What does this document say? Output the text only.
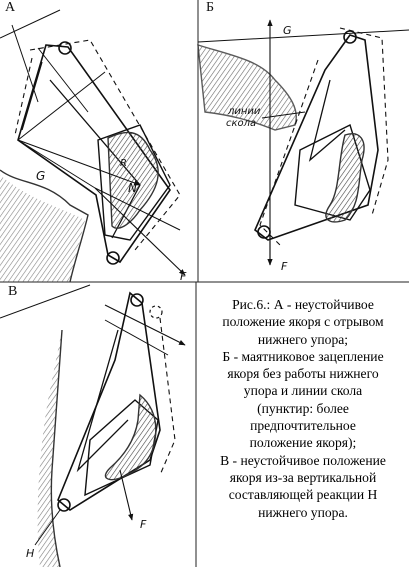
G
N
R
F
G
F
линии
скола
H
F
А	Б
В
Рис.6.: А - неустойчивое
положение якоря с отрывом
нижнего упора;
Б - маятниковое зацепление
якоря без работы нижнего
упора и линии скола
(пунктир: более
предпочтительное
положение якоря);
В - неустойчивое положение
якоря из-за вертикальной
составляющей реакции H
нижнего упора.
